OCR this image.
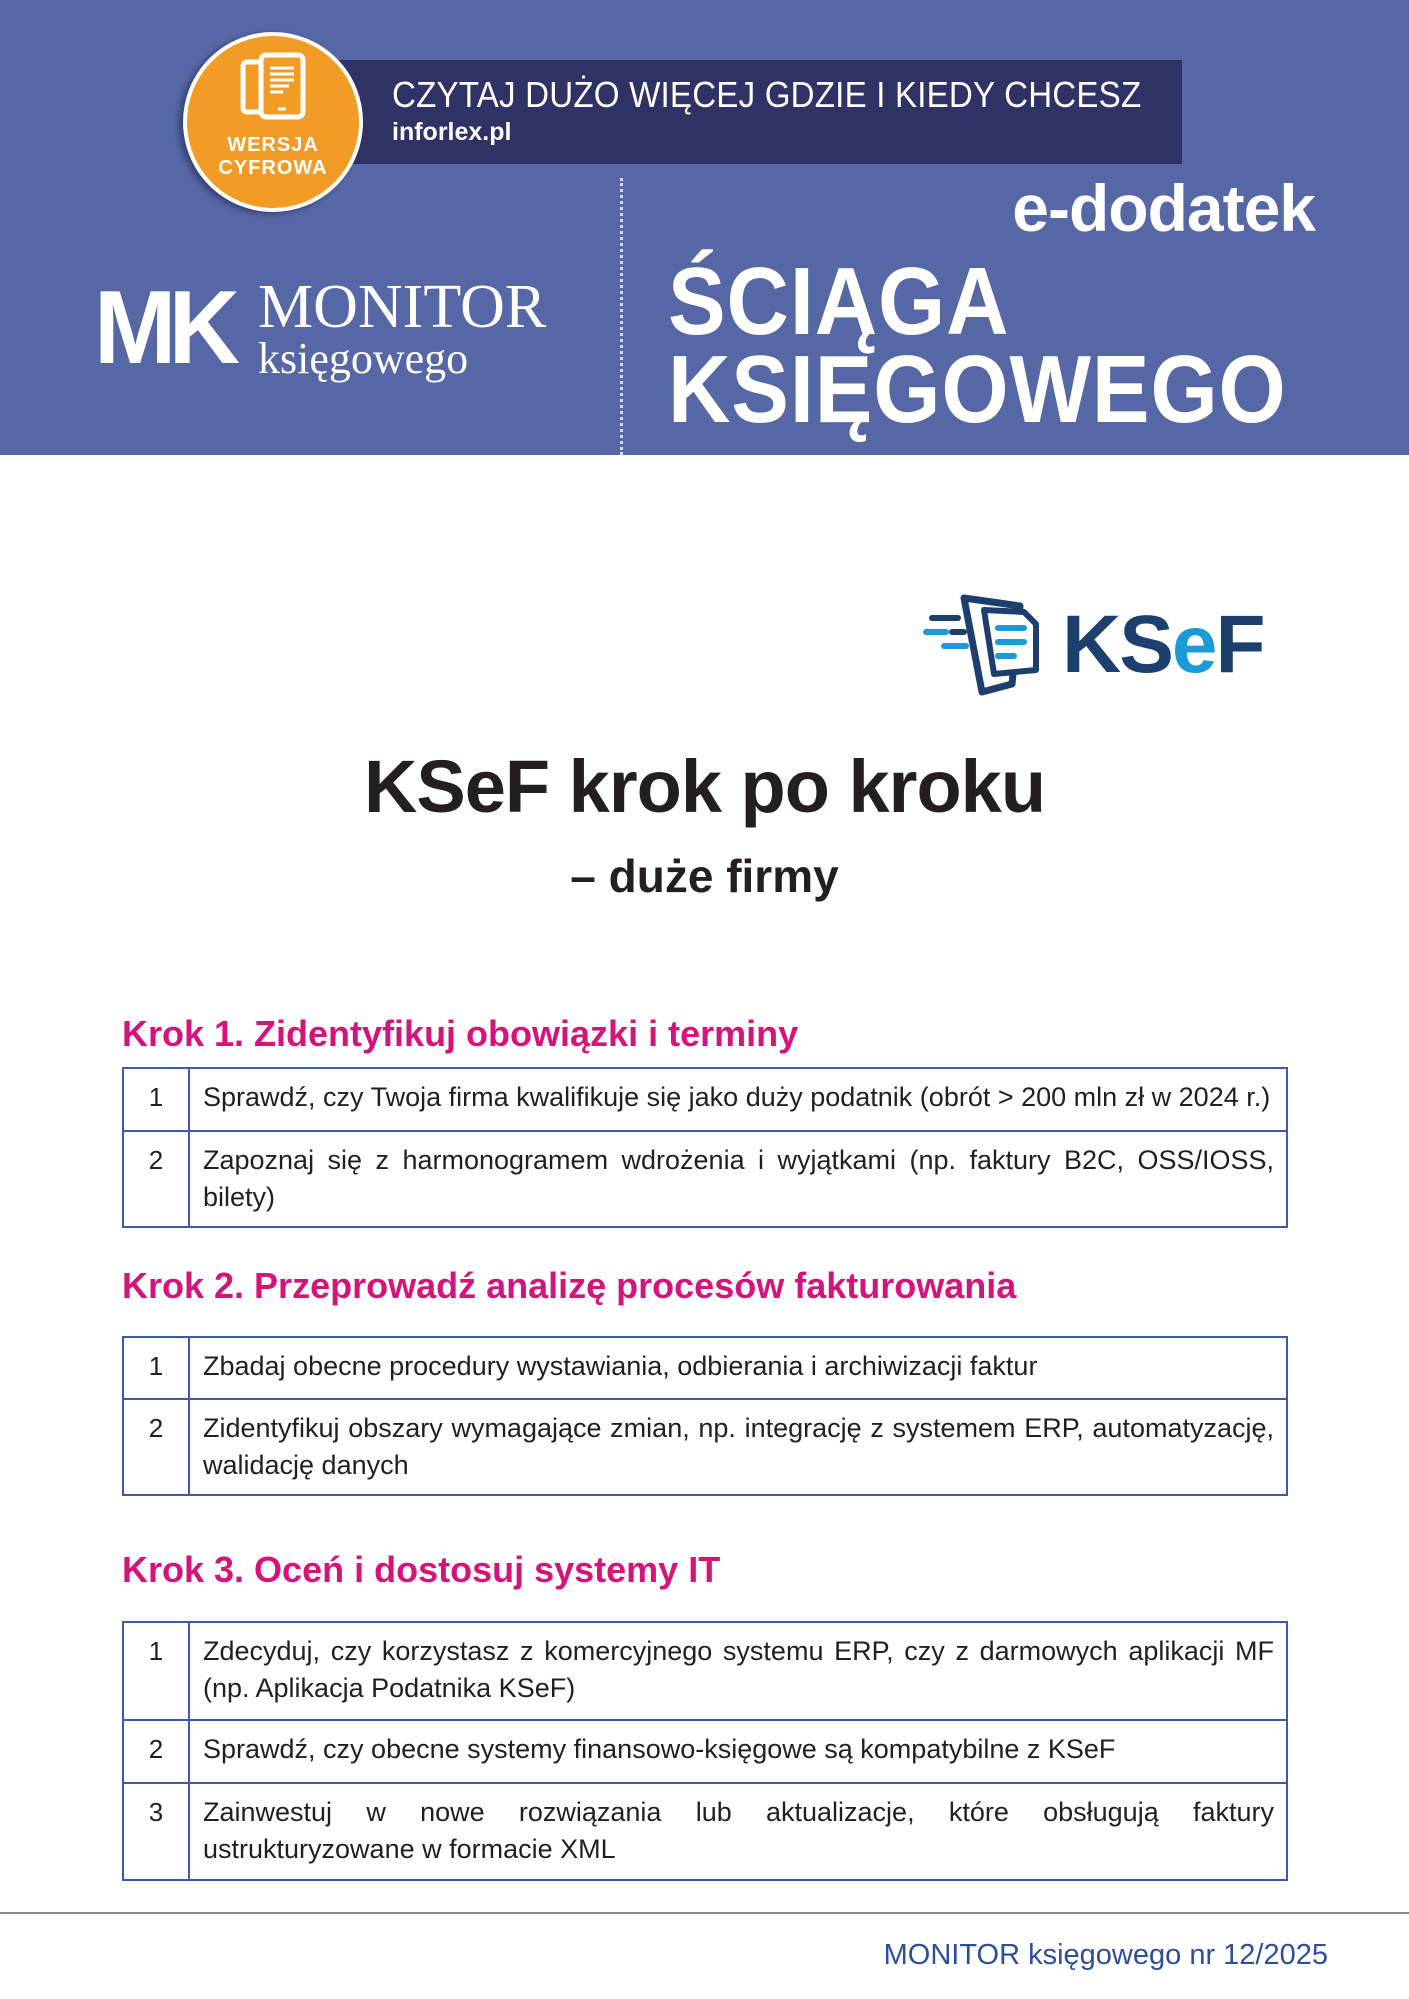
CZYTAJ DUŻO WIĘCEJ GDZIE I KIEDY CHCESZ
inforlex.pl
WERSJA
CYFROWA
MK MONITOR
księgowego
e-dodatek
ŚCIĄGA
KSIĘGOWEGO
KSeF
KSeF krok po kroku
– duże firmy
Krok 1. Zidentyfikuj obowiązki i terminy
1	Sprawdź, czy Twoja firma kwalifikuje się jako duży podatnik (obrót > 200 mln zł w 2024 r.)
2	Zapoznaj się z harmonogramem wdrożenia i wyjątkami (np. faktury B2C, OSS/IOSS, bilety)
Krok 2. Przeprowadź analizę procesów fakturowania
1	Zbadaj obecne procedury wystawiania, odbierania i archiwizacji faktur
2	Zidentyfikuj obszary wymagające zmian, np. integrację z systemem ERP, automatyzację, walidację danych
Krok 3. Oceń i dostosuj systemy IT
1	Zdecyduj, czy korzystasz z komercyjnego systemu ERP, czy z darmowych aplikacji MF (np. Aplikacja Podatnika KSeF)
2	Sprawdź, czy obecne systemy finansowo-księgowe są kompatybilne z KSeF
3	Zainwestuj w nowe rozwiązania lub aktualizacje, które obsługują faktury ustrukturyzowane w formacie XML
MONITOR księgowego nr 12/2025
